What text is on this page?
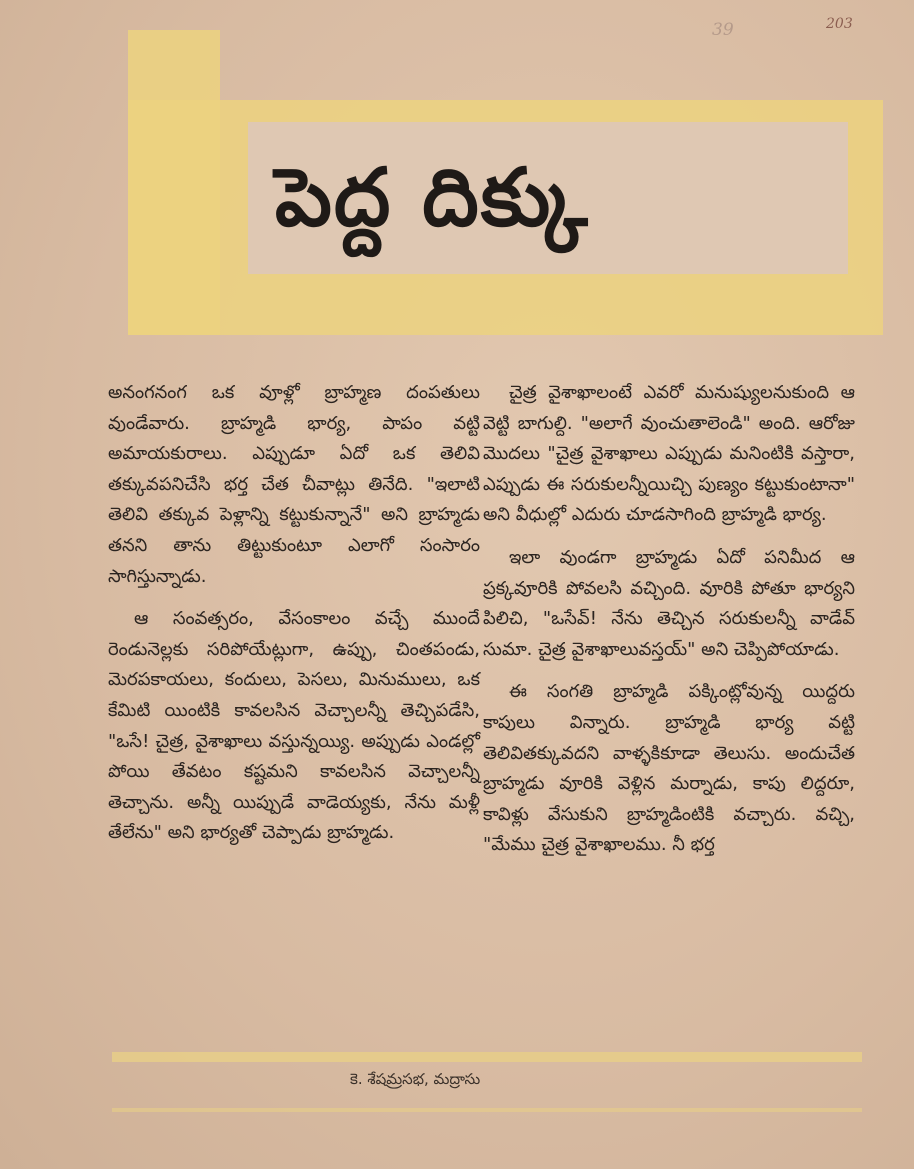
39	203
పెద్ద దిక్కు

అనంగనంగ ఒక వూళ్లో బ్రాహ్మణ దంపతులు వుండేవారు. బ్రాహ్మడి భార్య, పాపం వట్టి అమాయకురాలు. ఎప్పుడూ ఏదో ఒక తెలివి తక్కువపనిచేసి భర్త చేత చీవాట్లు తినేది. "ఇలాటి తెలివి తక్కువ పెళ్లాన్ని కట్టుకున్నానే" అని బ్రాహ్మడు తనని తాను తిట్టుకుంటూ ఎలాగో సంసారం సాగిస్తున్నాడు.

ఆ సంవత్సరం, వేసంకాలం వచ్చే ముందే రెండునెల్లకు సరిపోయేట్లుగా, ఉప్పు, చింతపండు, మెరపకాయలు, కందులు, పెసలు, మినుములు, ఒక కేమిటి యింటికి కావలసిన వెచ్చాలన్నీ తెచ్చిపడేసి, "ఒసే! చైత్ర, వైశాఖాలు వస్తున్నయ్యి. అప్పుడు ఎండల్లో పోయి తేవటం కష్టమని కావలసిన వెచ్చాలన్నీ తెచ్చాను. అన్నీ యిప్పుడే వాడెయ్యకు, నేను మళ్లీ తేలేను" అని భార్యతో చెప్పాడు బ్రాహ్మడు.

చైత్ర వైశాఖాలంటే ఎవరో మనుష్యులనుకుంది ఆ వెట్టి బాగుల్ది. "అలాగే వుంచుతాలెండి" అంది. ఆరోజు మొదలు "చైత్ర వైశాఖాలు ఎప్పుడు మనింటికి వస్తారా, ఎప్పుడు ఈ సరుకులన్నీయిచ్చి పుణ్యం కట్టుకుంటానా" అని వీధుల్లో ఎదురు చూడసాగింది బ్రాహ్మడి భార్య.

ఇలా వుండగా బ్రాహ్మడు ఏదో పనిమీద ఆ ప్రక్కవూరికి పోవలసి వచ్చింది. వూరికి పోతూ భార్యని పిలిచి, "ఒసేవ్! నేను తెచ్చిన సరుకులన్నీ వాడేవ్ సుమా. చైత్ర వైశాఖాలువస్తయ్" అని చెప్పిపోయాడు.

ఈ సంగతి బ్రాహ్మడి పక్కింట్లోవున్న యిద్దరు కాపులు విన్నారు. బ్రాహ్మడి భార్య వట్టి తెలివితక్కువదని వాళ్ళకికూడా తెలుసు. అందుచేత బ్రాహ్మడు వూరికి వెళ్లిన మర్నాడు, కాపు లిద్దరూ, కావిళ్లు వేసుకుని బ్రాహ్మడింటికి వచ్చారు. వచ్చి, "మేము చైత్ర వైశాఖాలము. నీ భర్త

కె. శేషమ్రసభ, మద్రాసు
